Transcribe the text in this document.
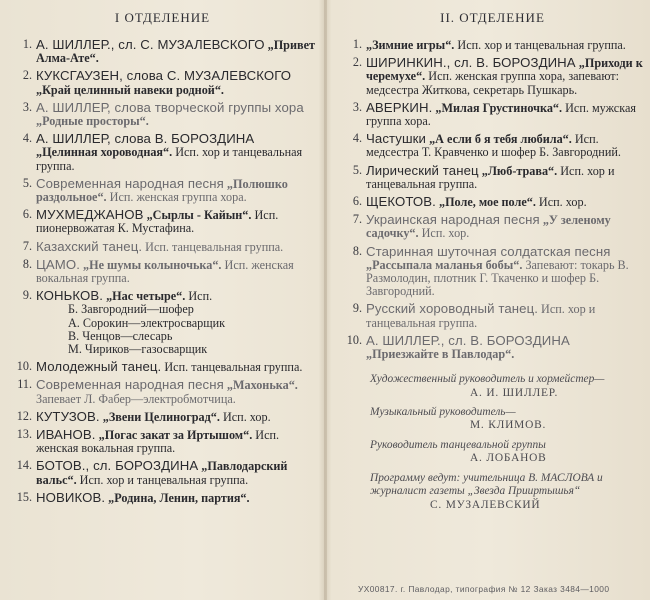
I ОТДЕЛЕНИЕ
1. А. ШИЛЛЕР., сл. С. МУЗАЛЕВСКОГО „Привет Алма-Ате“.
2. КУКСГАУЗЕН, слова С. МУЗАЛЕВСКОГО „Край целинный навеки родной“.
3. А. ШИЛЛЕР, слова творческой группы хора „Родные просторы“.
4. А. ШИЛЛЕР, слова В. БОРОЗДИНА „Целинная хороводная“. Исп. хор и танцевальная группа.
5. Современная народная песня „Полюшко раздольное“. Исп. женская группа хора.
6. МУХМЕДЖАНОВ „Сырлы - Кайын“. Исп. пионервожатая К. Мустафина.
7. Казахский танец. Исп. танцевальная группа.
8. ЦАМО. „Не шумы колыночька“. Исп. женская вокальная группа.
9. КОНЬКОВ. „Нас четыре“. Исп.
Б. Завгородний—шофер
А. Сорокин—электросварщик
В. Ченцов—слесарь
М. Чириков—газосварщик
10. Молодежный танец. Исп. танцевальная группа.
11. Современная народная песня „Махонька“. Запевает Л. Фабер—электробмотчица.
12. КУТУЗОВ. „Звени Целиноград“. Исп. хор.
13. ИВАНОВ. „Погас закат за Иртышом“. Исп. женская вокальная группа.
14. БОТОВ., сл. БОРОЗДИНА „Павлодарский вальс“. Исп. хор и танцевальная группа.
15. НОВИКОВ. „Родина, Ленин, партия“.
II. ОТДЕЛЕНИЕ
1. „Зимние игры“. Исп. хор и танцевальная группа.
2. ШИРИНКИН., сл. В. БОРОЗДИНА „Приходи к черемухе“. Исп. женская группа хора, запевают: медсестра Житкова, секретарь Пушкарь.
3. АВЕРКИН. „Милая Грустиночка“. Исп. мужская группа хора.
4. Частушки „А если б я тебя любила“. Исп. медсестра Т. Кравченко и шофер Б. Завгородний.
5. Лирический танец „Люб-трава“. Исп. хор и танцевальная группа.
6. ЩЕКОТОВ. „Поле, мое поле“. Исп. хор.
7. Украинская народная песня „У зеленому садочку“. Исп. хор.
8. Старинная шуточная солдатская песня „Рассыпала маланья бобы“. Запевают: токарь В. Размолодин, плотник Г. Ткаченко и шофер Б. Завгородний.
9. Русский хороводный танец. Исп. хор и танцевальная группа.
10. А. ШИЛЛЕР., сл. В. БОРОЗДИНА „Приезжайте в Павлодар“.
Художественный руководитель и хормейстер—
А. И. ШИЛЛЕР.
Музыкальный руководитель—
М. КЛИМОВ.
Руководитель танцевальной группы
А. ЛОБАНОВ
Программу ведут: учительница В. МАСЛОВА и журналист газеты „Звезда Прииртышья“
С. МУЗАЛЕВСКИЙ
УХ00817. г. Павлодар, типография № 12 Заказ 3484—1000
